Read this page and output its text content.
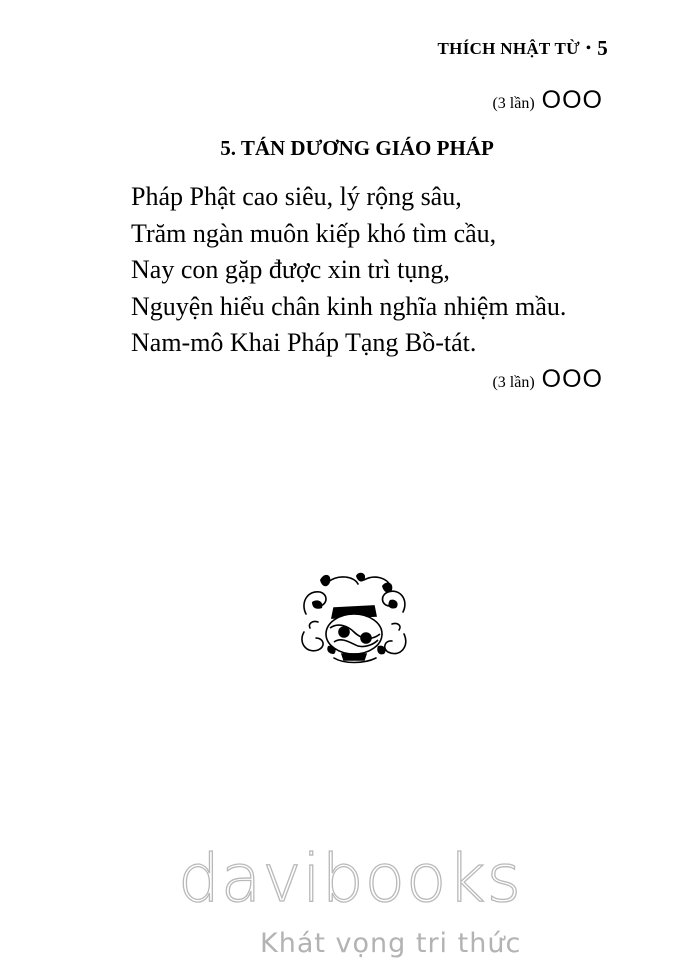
THÍCH NHẬT TỪ • 5
(3 lần) OOO
5. TÁN DƯƠNG GIÁO PHÁP
Pháp Phật cao siêu, lý rộng sâu,
Trăm ngàn muôn kiếp khó tìm cầu,
Nay con gặp được xin trì tụng,
Nguyện hiểu chân kinh nghĩa nhiệm mầu.
Nam-mô Khai Pháp Tạng Bồ-tát.
(3 lần) OOO
davibooks
Khát vọng tri thức
